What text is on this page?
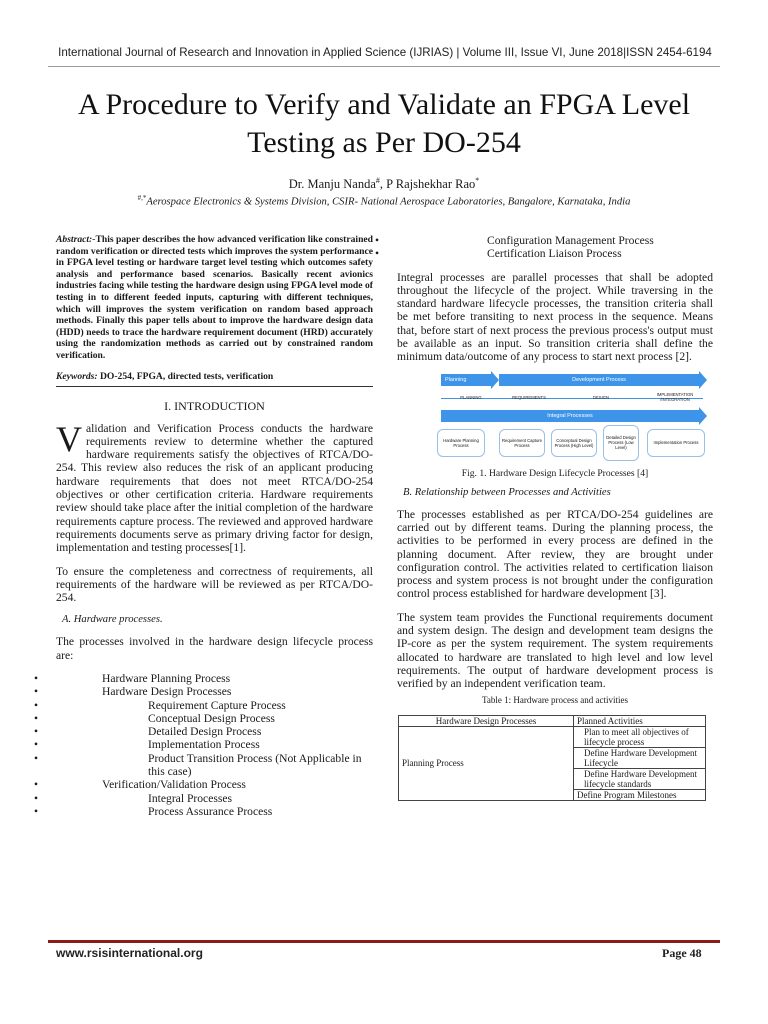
International Journal of Research and Innovation in Applied Science (IJRIAS) | Volume III, Issue VI, June 2018|ISSN 2454-6194
A Procedure to Verify and Validate an FPGA Level
Testing as Per DO-254
Dr. Manju Nanda#, P Rajshekhar Rao*
#,*Aerospace Electronics & Systems Division, CSIR- National Aerospace Laboratories, Bangalore, Karnataka, India

Abstract:-This paper describes the how advanced verification like constrained random verification or directed tests which improves the system performance in FPGA level testing or hardware target level testing which outcomes safety analysis and performance based scenarios. Basically recent avionics industries facing while testing the hardware design using FPGA level mode of testing in to different feeded inputs, capturing with different techniques, which will improves the system verification on random based approach methods. Finally this paper tells about to improve the hardware design data (HDD) needs to trace the hardware requirement document (HRD) accurately using the randomization methods as carried out by constrained random verification.

Keywords: DO-254, FPGA, directed tests, verification

I. INTRODUCTION

Validation and Verification Process conducts the hardware requirements review to determine whether the captured hardware requirements satisfy the objectives of RTCA/DO-254. This review also reduces the risk of an applicant producing hardware requirements that does not meet RTCA/DO-254 objectives or other certification criteria. Hardware requirements review should take place after the initial completion of the hardware requirements capture process. The reviewed and approved hardware requirements documents serve as primary driving factor for design, implementation and testing processes[1].

To ensure the completeness and correctness of requirements, all requirements of the hardware will be reviewed as per RTCA/DO-254.

A. Hardware processes.

The processes involved in the hardware design lifecycle process are:

•	Hardware Planning Process
•	Hardware Design Processes
•	Requirement Capture Process
•	Conceptual Design Process
•	Detailed Design Process
•	Implementation Process
•	Product Transition Process (Not Applicable in this case)
•	Verification/Validation Process
•	Integral Processes
•	Process Assurance Process
•	Configuration Management Process
•	Certification Liaison Process

Integral processes are parallel processes that shall be adopted throughout the lifecycle of the project. While traversing in the standard hardware lifecycle processes, the transition criteria shall be met before transiting to next process in the sequence. Means that, before start of next process the previous process's output must be available as an input. So transition criteria shall define the minimum data/outcome of any process to start next process [2].

Planning	Development Process
PLANNING	REQUIREMENTS	DESIGN
IMPLEMENTATION /INTEGRATION
Integral Processes
Hardware Planning Process
Requirement Capture Process
Conceptual Design Process (High Level)
Detailed Design Process (Low Level)
Implementation Process
Fig. 1. Hardware Design Lifecycle Processes [4]
B. Relationship between Processes and Activities

The processes established as per RTCA/DO-254 guidelines are carried out by different teams. During the planning process, the activities to be performed in every process are defined in the planning document. After review, they are brought under configuration control. The activities related to certification liaison process and system process is not brought under the configuration control process established for hardware development [3].

The system team provides the Functional requirements document and system design. The design and development team designs the IP-core as per the system requirement. The system requirements allocated to hardware are translated to high level and low level requirements. The output of hardware development process is verified by an independent verification team.

Table 1: Hardware process and activities
Hardware Design Processes	Planned Activities
Planning Process	Plan to meet all objectives of lifecycle process
	Define Hardware Development Lifecycle
	Define Hardware Development lifecycle standards
	Define Program Milestones
www.rsisinternational.org	Page 48
